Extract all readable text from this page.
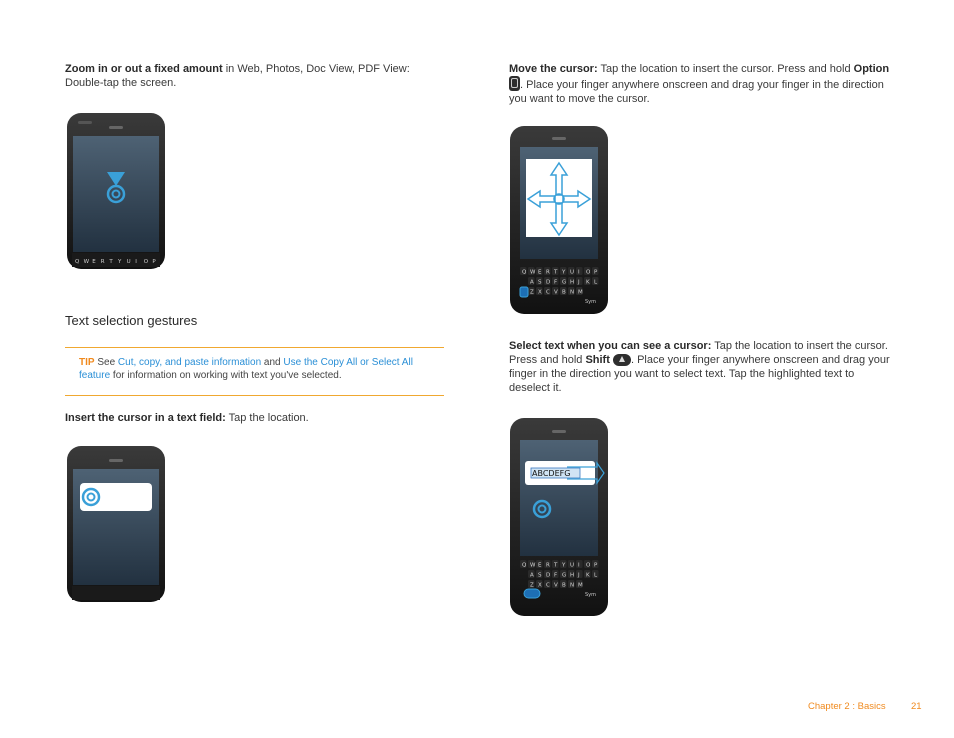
Zoom in or out a fixed amount in Web, Photos, Doc View, PDF View: Double-tap the screen.
Q W E R T Y U I O P
Text selection gestures
TIP See Cut, copy, and paste information and Use the Copy All or Select All feature for information on working with text you've selected.
Insert the cursor in a text field: Tap the location.
Move the cursor: Tap the location to insert the cursor. Press and hold Option
. Place your finger anywhere onscreen and drag your finger in the direction you want to move the cursor.
Q W E R T Y U I O P
A S D F G H J K L
Z X C V B N M
Sym
Select text when you can see a cursor: Tap the location to insert the cursor. Press and hold Shift . Place your finger anywhere onscreen and drag your finger in the direction you want to select text. Tap the highlighted text to deselect it.
ABCDEFG
Q W E R T Y U I O P
A S D F G H J K L
Z X C V B N M
Sym
Chapter 2 : Basics	21
